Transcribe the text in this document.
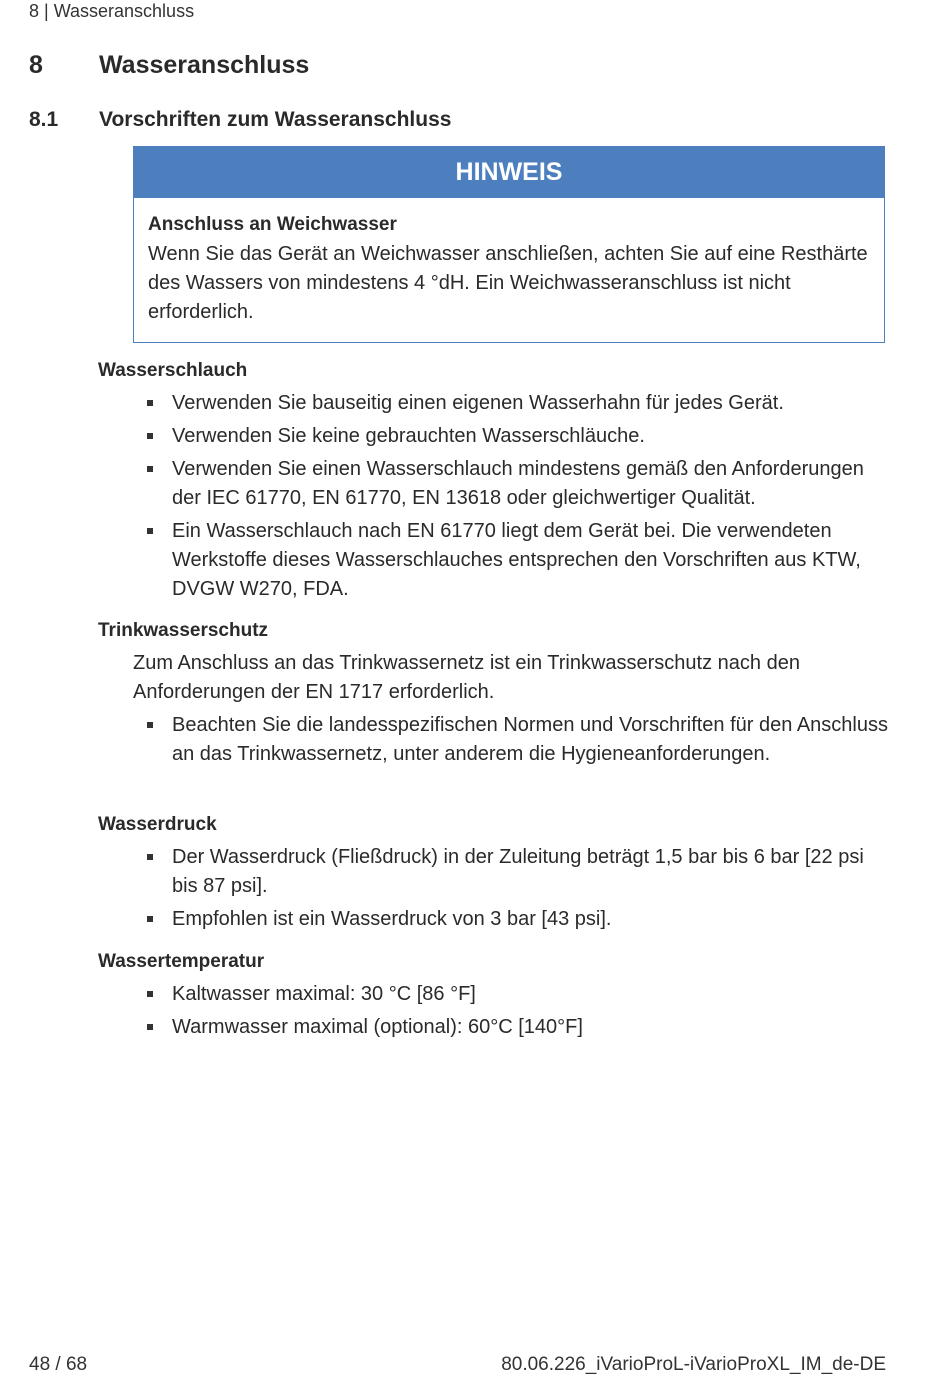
8 | Wasseranschluss
8 Wasseranschluss
8.1 Vorschriften zum Wasseranschluss
HINWEIS
Anschluss an Weichwasser
Wenn Sie das Gerät an Weichwasser anschließen, achten Sie auf eine Resthärte des Wassers von mindestens 4 °dH. Ein Weichwasseranschluss ist nicht erforderlich.
Wasserschlauch
Verwenden Sie bauseitig einen eigenen Wasserhahn für jedes Gerät.
Verwenden Sie keine gebrauchten Wasserschläuche.
Verwenden Sie einen Wasserschlauch mindestens gemäß den Anforderungen der IEC 61770, EN 61770, EN 13618 oder gleichwertiger Qualität.
Ein Wasserschlauch nach EN 61770 liegt dem Gerät bei. Die verwendeten Werkstoffe dieses Wasserschlauches entsprechen den Vorschriften aus KTW, DVGW W270, FDA.
Trinkwasserschutz
Zum Anschluss an das Trinkwassernetz ist ein Trinkwasserschutz nach den Anforderungen der EN 1717 erforderlich.
Beachten Sie die landesspezifischen Normen und Vorschriften für den Anschluss an das Trinkwassernetz, unter anderem die Hygieneanforderungen.
Wasserdruck
Der Wasserdruck (Fließdruck) in der Zuleitung beträgt 1,5 bar bis 6 bar [22 psi bis 87 psi].
Empfohlen ist ein Wasserdruck von 3 bar [43 psi].
Wassertemperatur
Kaltwasser maximal: 30 °C [86 °F]
Warmwasser maximal (optional): 60°C [140°F]
48 / 68	80.06.226_iVarioProL-iVarioProXL_IM_de-DE
